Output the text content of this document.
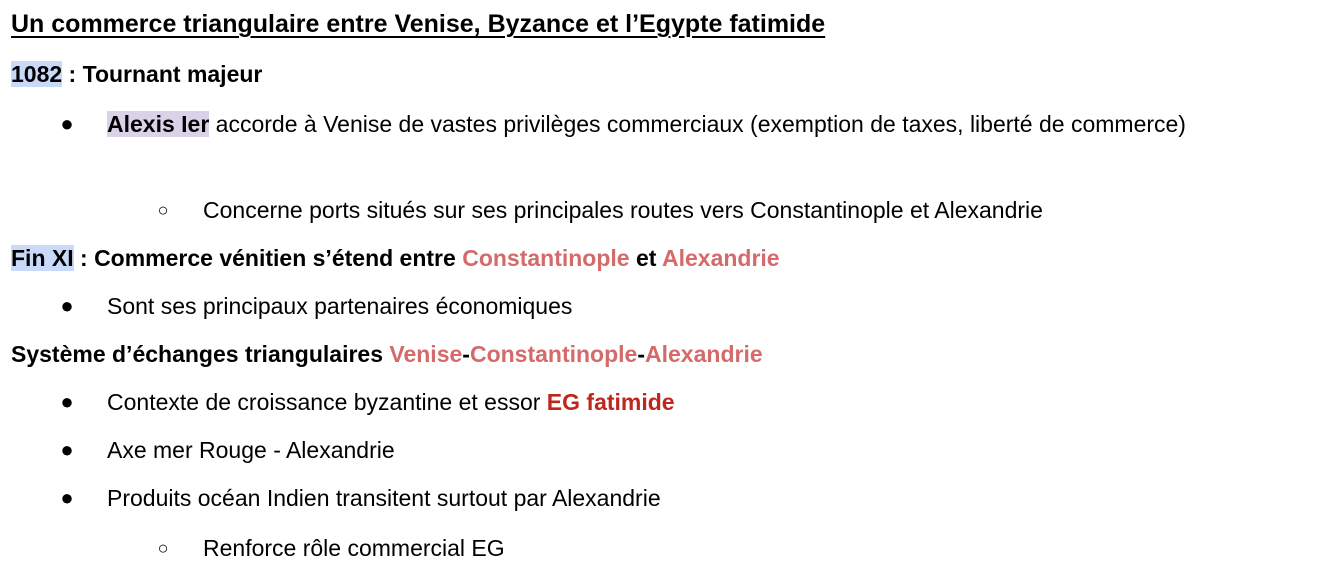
Un commerce triangulaire entre Venise, Byzance et l’Egypte fatimide
1082 : Tournant majeur
● Alexis Ier accorde à Venise de vastes privilèges commerciaux (exemption de taxes, liberté de commerce)
○ Concerne ports situés sur ses principales routes vers Constantinople et Alexandrie
Fin XI : Commerce vénitien s’étend entre Constantinople et Alexandrie
● Sont ses principaux partenaires économiques
Système d’échanges triangulaires Venise-Constantinople-Alexandrie
● Contexte de croissance byzantine et essor EG fatimide
● Axe mer Rouge - Alexandrie
● Produits océan Indien transitent surtout par Alexandrie
○ Renforce rôle commercial EG
